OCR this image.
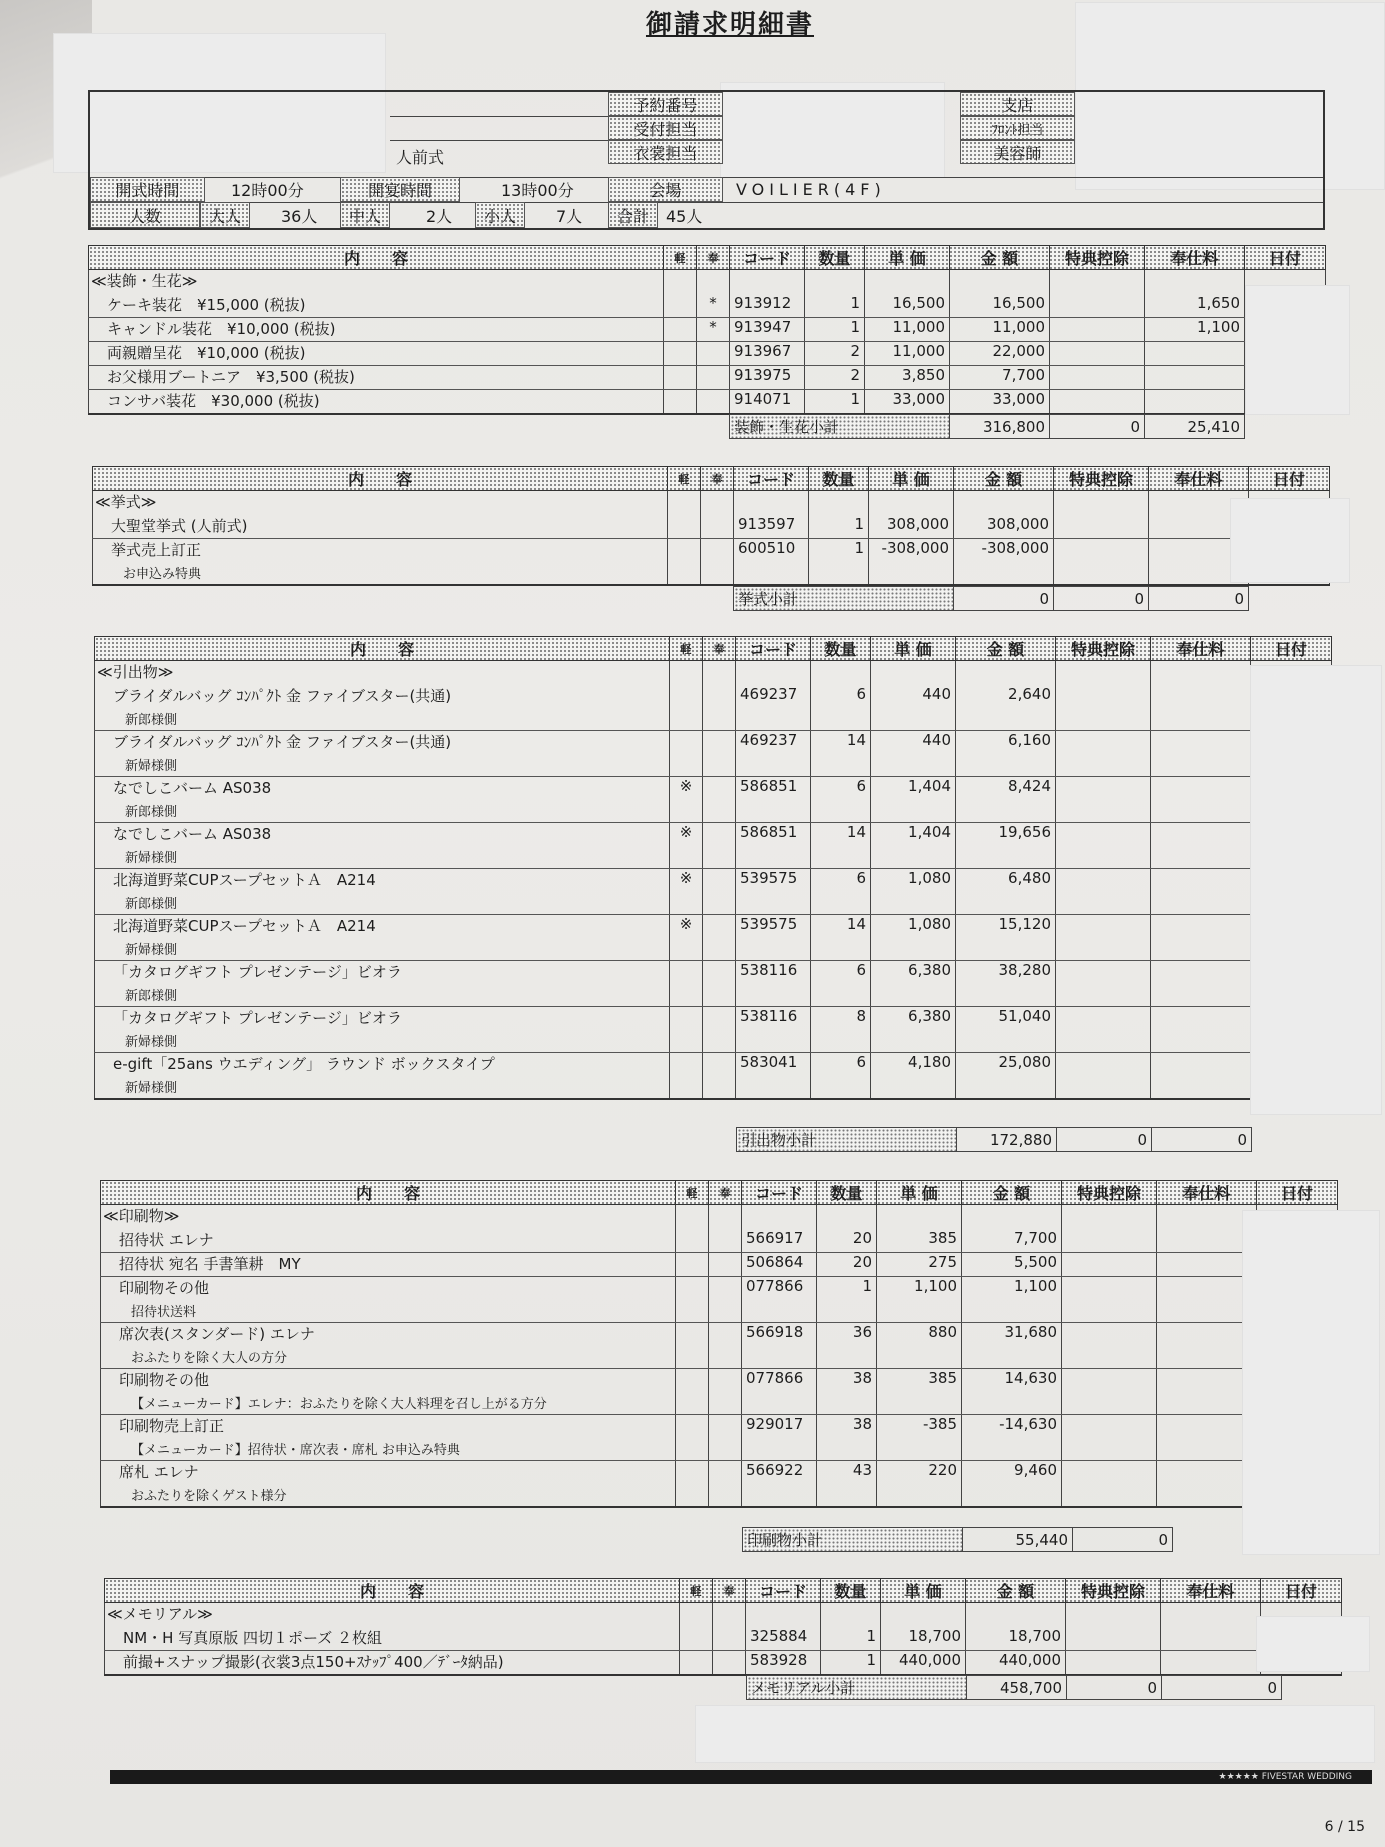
御請求明細書
人前式
予約番号
受付担当
衣裳担当
支店
ﾌﾛﾝﾄ担当
美容師
開式時間	12時00分	開宴時間	13時00分	会場	VOILIER(4F)
人数	大人	36人	中人	2人	小人	7人	合計	45人
内　　容	軽	奉	コード	数量	単 価	金 額	特典控除	奉仕料	日付
≪装飾・生花≫									
ケーキ装花　¥15,000 (税抜)		*	913912	1	16,500	16,500		1,650	
キャンドル装花　¥10,000 (税抜)		*	913947	1	11,000	11,000		1,100	
両親贈呈花　¥10,000 (税抜)			913967	2	11,000	22,000			
お父様用ブートニア　¥3,500 (税抜)			913975	2	3,850	7,700			
コンサバ装花　¥30,000 (税抜)			914071	1	33,000	33,000			
装飾・生花小計	316,800	0	25,410
内　　容	軽	奉	コード	数量	単 価	金 額	特典控除	奉仕料	日付
≪挙式≫									
大聖堂挙式 (人前式)			913597	1	308,000	308,000			
挙式売上訂正			600510	1	-308,000	-308,000			
お申込み特典									
挙式小計	0	0	0
内　　容	軽	奉	コード	数量	単 価	金 額	特典控除	奉仕料	日付
≪引出物≫									
ブライダルバッグ ｺﾝﾊﾟｸﾄ 金 ファイブスター(共通)			469237	6	440	2,640			
新郎様側									
ブライダルバッグ ｺﾝﾊﾟｸﾄ 金 ファイブスター(共通)			469237	14	440	6,160			
新婦様側									
なでしこバーム AS038	※		586851	6	1,404	8,424			
新郎様側									
なでしこバーム AS038	※		586851	14	1,404	19,656			
新婦様側									
北海道野菜CUPスープセットＡ　A214	※		539575	6	1,080	6,480			
新郎様側									
北海道野菜CUPスープセットＡ　A214	※		539575	14	1,080	15,120			
新婦様側									
「カタログギフト プレゼンテージ」ビオラ			538116	6	6,380	38,280			
新郎様側									
「カタログギフト プレゼンテージ」ビオラ			538116	8	6,380	51,040			
新婦様側									
e-gift「25ans ウエディング」 ラウンド ボックスタイプ			583041	6	4,180	25,080			
新婦様側									
引出物小計	172,880	0	0
内　　容	軽	奉	コード	数量	単 価	金 額	特典控除	奉仕料	日付
≪印刷物≫									
招待状 エレナ			566917	20	385	7,700			
招待状 宛名 手書筆耕　MY			506864	20	275	5,500			
印刷物その他			077866	1	1,100	1,100			
招待状送料									
席次表(スタンダード) エレナ			566918	36	880	31,680			
おふたりを除く大人の方分									
印刷物その他			077866	38	385	14,630			
【メニューカード】エレナ：おふたりを除く大人料理を召し上がる方分									
印刷物売上訂正			929017	38	-385	-14,630			
【メニューカード】招待状・席次表・席札 お申込み特典									
席札 エレナ			566922	43	220	9,460			
おふたりを除くゲスト様分									
印刷物小計	55,440	0
内　　容	軽	奉	コード	数量	単 価	金 額	特典控除	奉仕料	日付
≪メモリアル≫									
NM・H 写真原版 四切１ポーズ ２枚組			325884	1	18,700	18,700			
前撮+スナップ撮影(衣裳3点150+ｽﾅｯﾌﾟ400／ﾃﾞｰﾀ納品)			583928	1	440,000	440,000			
メモリアル小計	458,700	0	0
★★★★★ FIVESTAR WEDDING
6 / 15
